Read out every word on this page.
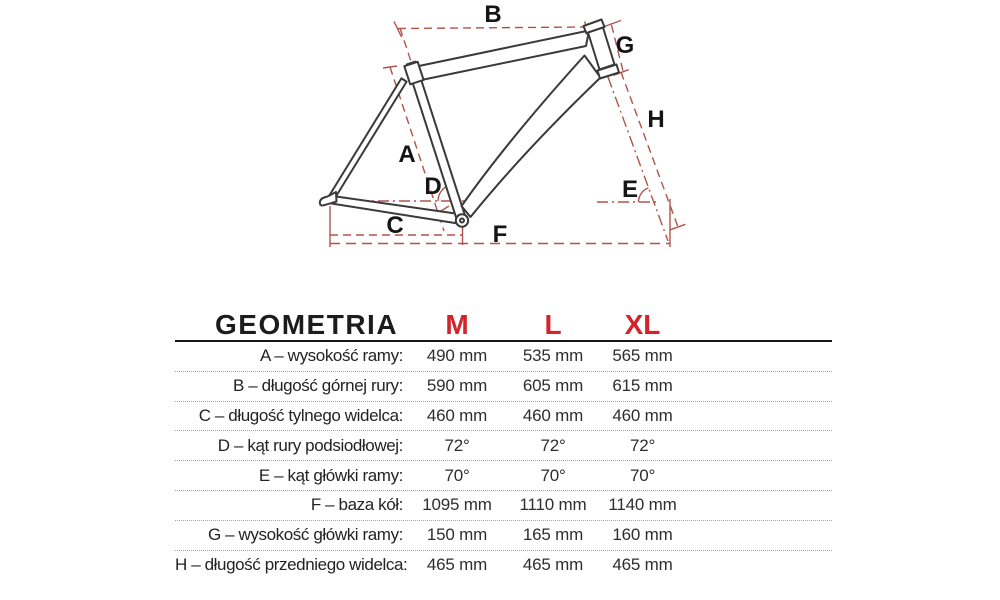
A
B
C
D	E
F
G
H
GEOMETRIA	M	L	XL
A – wysokość ramy:	490 mm	535 mm	565 mm
B – długość górnej rury:	590 mm	605 mm	615 mm
C – długość tylnego widelca:	460 mm	460 mm	460 mm
D – kąt rury podsiodłowej:	72°	72°	72°
E – kąt główki ramy:	70°	70°	70°
F – baza kół:	1095 mm	1110 mm	1140 mm
G – wysokość główki ramy:	150 mm	165 mm	160 mm
H – długość przedniego widelca:	465 mm	465 mm	465 mm
